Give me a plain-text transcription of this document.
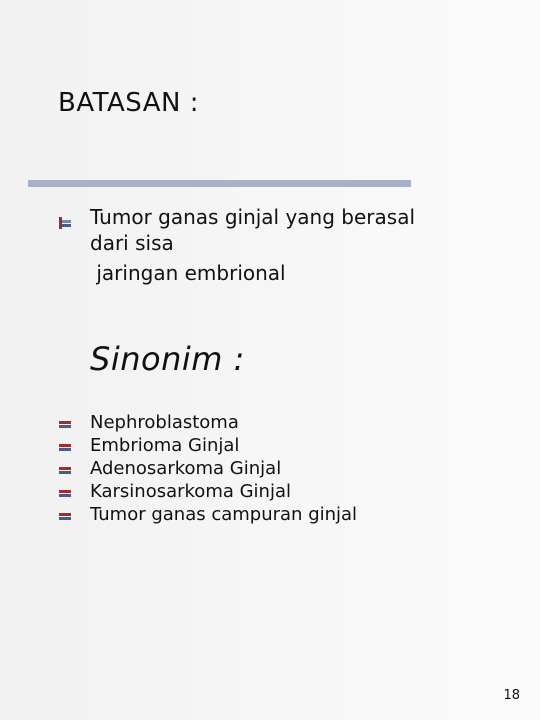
BATASAN :
Tumor ganas ginjal yang berasal
dari sisa
jaringan embrional
Sinonim :
Nephroblastoma
Embrioma Ginjal
Adenosarkoma Ginjal
Karsinosarkoma Ginjal
Tumor ganas campuran ginjal
18
